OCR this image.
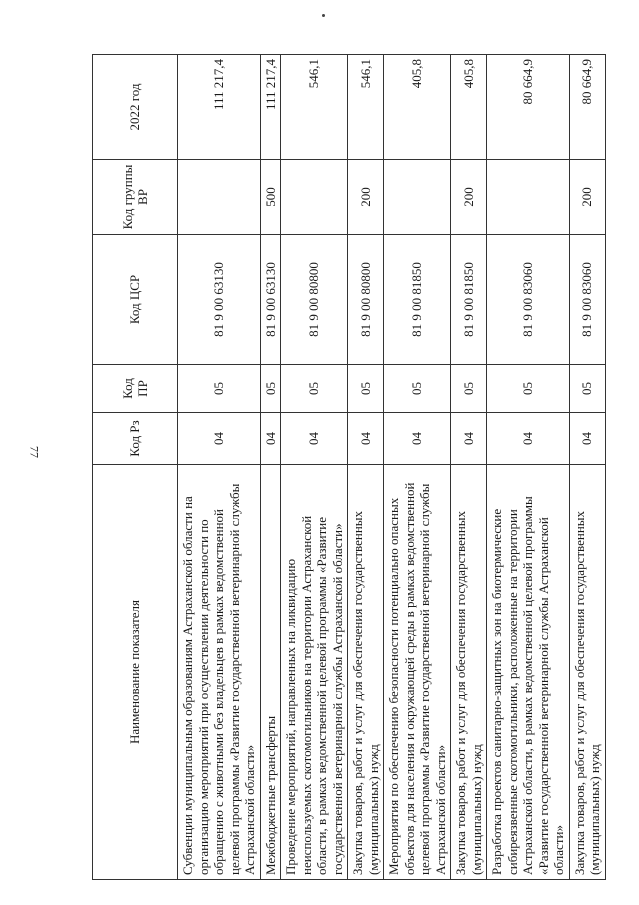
77
Наименование показателя	Код Рз	Код ПР	Код ЦСР	Код группы ВР	2022 год
Субвенции муниципальным образованиям Астраханской области на организацию мероприятий при осуществлении деятельности по обращению с животными без владельцев в рамках ведомственной целевой программы «Развитие государственной ветеринарной службы Астраханской области»	04	05	81 9 00 63130		111 217,4
Межбюджетные трансферты	04	05	81 9 00 63130	500	111 217,4
Проведение мероприятий, направленных на ликвидацию неиспользуемых скотомогильников на территории Астраханской области, в рамках ведомственной целевой программы «Развитие государственной ветеринарной службы Астраханской области»	04	05	81 9 00 80800		546,1
Закупка товаров, работ и услуг для обеспечения государственных (муниципальных) нужд	04	05	81 9 00 80800	200	546,1
Мероприятия по обеспечению безопасности потенциально опасных объектов для населения и окружающей среды в рамках ведомственной целевой программы «Развитие государственной ветеринарной службы Астраханской области»	04	05	81 9 00 81850		405,8
Закупка товаров, работ и услуг для обеспечения государственных (муниципальных) нужд	04	05	81 9 00 81850	200	405,8
Разработка проектов санитарно-защитных зон на биотермические сибиреязвенные скотомогильники, расположенные на территории Астраханской области, в рамках ведомственной целевой программы «Развитие государственной ветеринарной службы Астраханской области»	04	05	81 9 00 83060		80 664,9
Закупка товаров, работ и услуг для обеспечения государственных (муниципальных) нужд	04	05	81 9 00 83060	200	80 664,9
